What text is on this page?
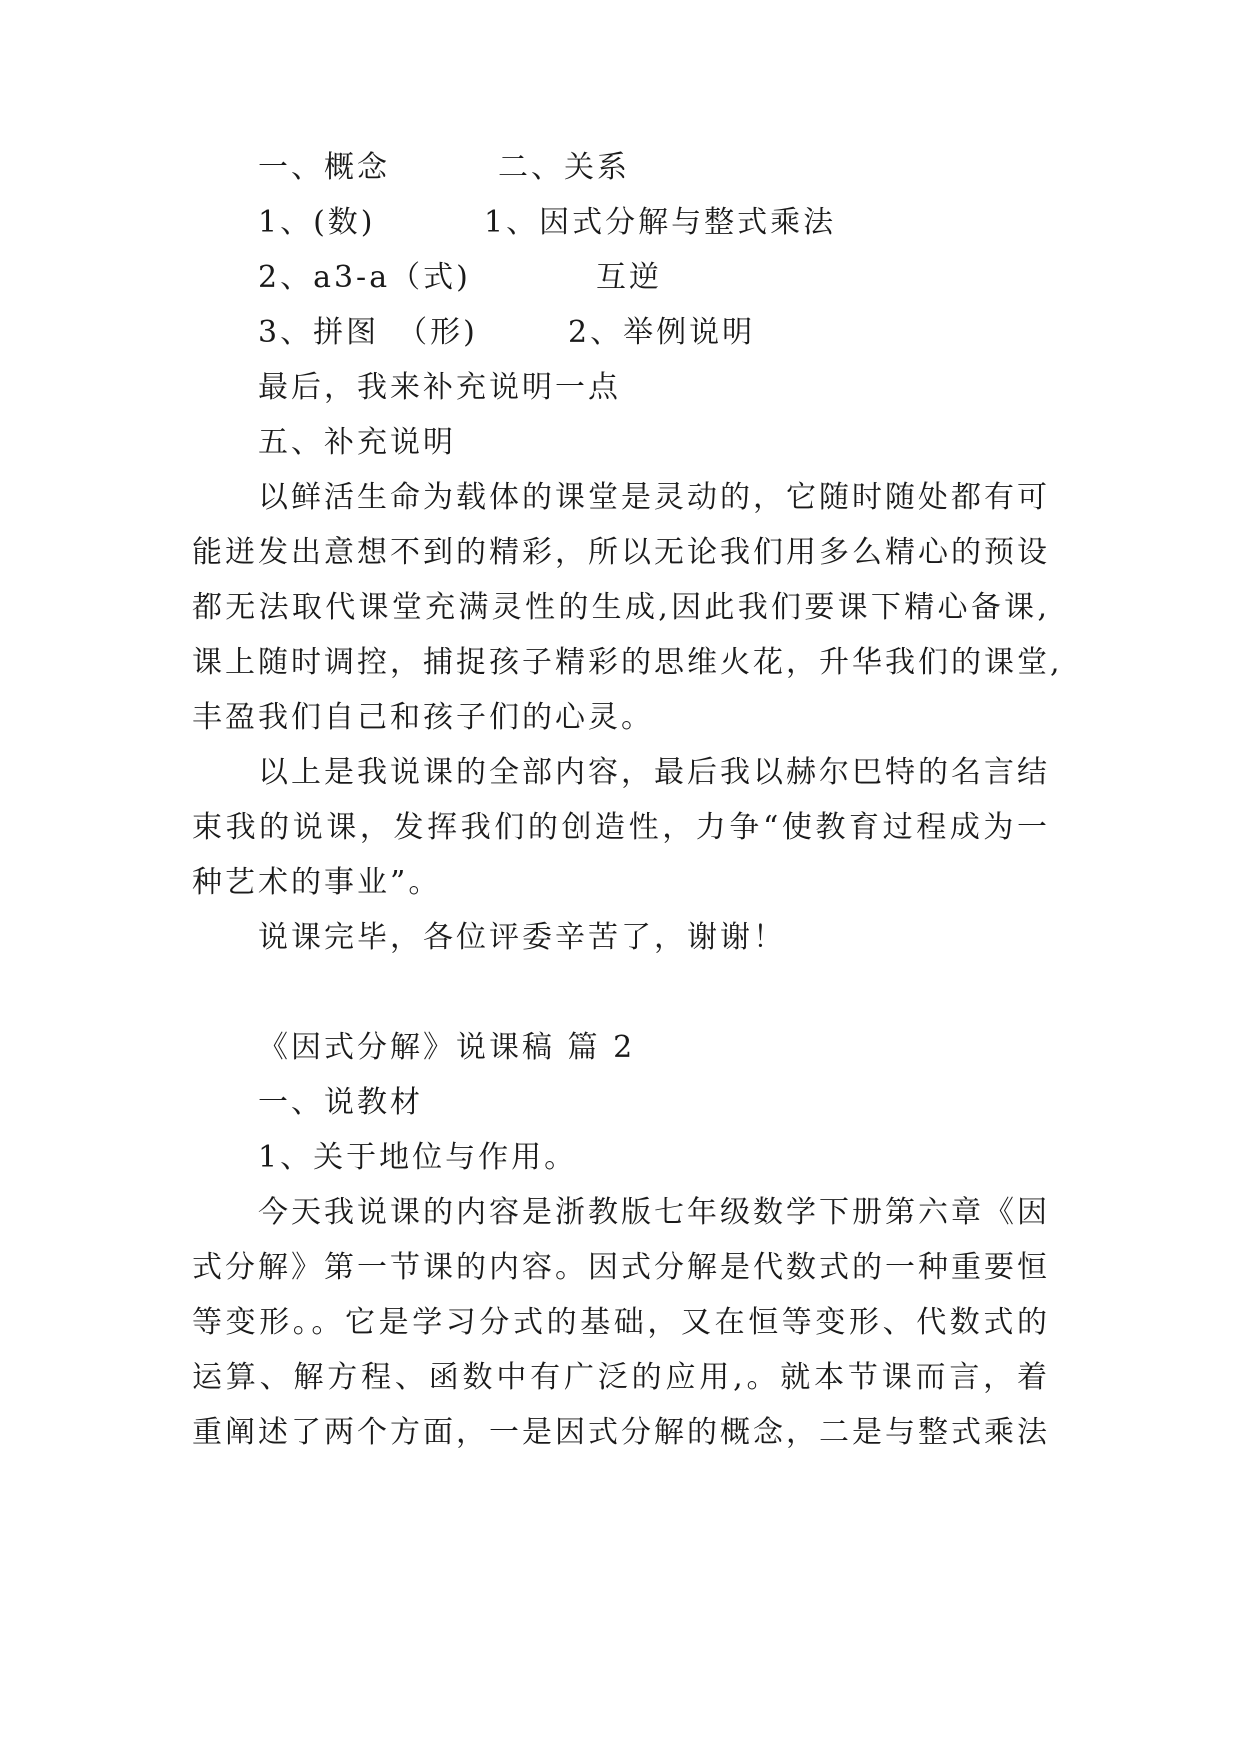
一、概念	二、关系
1、(数)	1、因式分解与整式乘法
2、a3-a（式)	互逆
3、拼图　（形)	2、举例说明
最后，我来补充说明一点
五、补充说明
以鲜活生命为载体的课堂是灵动的，它随时随处都有可
能迸发出意想不到的精彩，所以无论我们用多么精心的预设
都无法取代课堂充满灵性的生成,因此我们要课下精心备课,
课上随时调控，捕捉孩子精彩的思维火花，升华我们的课堂,
丰盈我们自己和孩子们的心灵。
以上是我说课的全部内容，最后我以赫尔巴特的名言结
束我的说课，发挥我们的创造性，力争“使教育过程成为一
种艺术的事业”。
说课完毕，各位评委辛苦了，谢谢！
《因式分解》说课稿 篇 2
一、说教材
1、关于地位与作用。
今天我说课的内容是浙教版七年级数学下册第六章《因
式分解》第一节课的内容。因式分解是代数式的一种重要恒
等变形。。它是学习分式的基础，又在恒等变形、代数式的
运算、解方程、函数中有广泛的应用,。就本节课而言，着
重阐述了两个方面，一是因式分解的概念，二是与整式乘法
